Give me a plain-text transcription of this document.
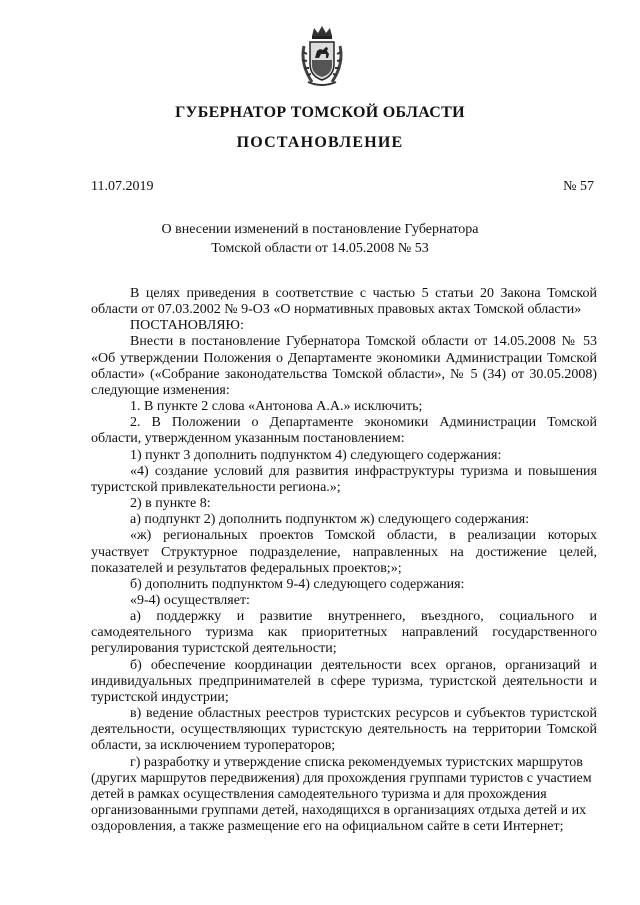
ГУБЕРНАТОР ТОМСКОЙ ОБЛАСТИ
ПОСТАНОВЛЕНИЕ
11.07.2019	№ 57
О внесении изменений в постановление Губернатора
Томской области от 14.05.2008 № 53

В целях приведения в соответствие с частью 5 статьи 20 Закона Томской области от 07.03.2002 № 9-ОЗ «О нормативных правовых актах Томской области»

ПОСТАНОВЛЯЮ:

Внести в постановление Губернатора Томской области от 14.05.2008 № 53 «Об утверждении Положения о Департаменте экономики Администрации Томской области» («Собрание законодательства Томской области», № 5 (34) от 30.05.2008) следующие изменения:

1. В пункте 2 слова «Антонова А.А.» исключить;

2. В Положении о Департаменте экономики Администрации Томской области, утвержденном указанным постановлением:

1) пункт 3 дополнить подпунктом 4) следующего содержания:

«4) создание условий для развития инфраструктуры туризма и повышения туристской привлекательности региона.»;

2) в пункте 8:

а) подпункт 2) дополнить подпунктом ж) следующего содержания:

«ж) региональных проектов Томской области, в реализации которых участвует Структурное подразделение, направленных на достижение целей, показателей и результатов федеральных проектов;»;

б) дополнить подпунктом 9-4) следующего содержания:

«9-4) осуществляет:

а) поддержку и развитие внутреннего, въездного, социального и самодеятельного туризма как приоритетных направлений государственного регулирования туристской деятельности;

б) обеспечение координации деятельности всех органов, организаций и индивидуальных предпринимателей в сфере туризма, туристской деятельности и туристской индустрии;

в) ведение областных реестров туристских ресурсов и субъектов туристской деятельности, осуществляющих туристскую деятельность на территории Томской области, за исключением туроператоров;

г) разработку и утверждение списка рекомендуемых туристских маршрутов (других маршрутов передвижения) для прохождения группами туристов с участием детей в рамках осуществления самодеятельного туризма и для прохождения организованными группами детей, находящихся в организациях отдыха детей и их оздоровления, а также размещение его на официальном сайте в сети Интернет;
